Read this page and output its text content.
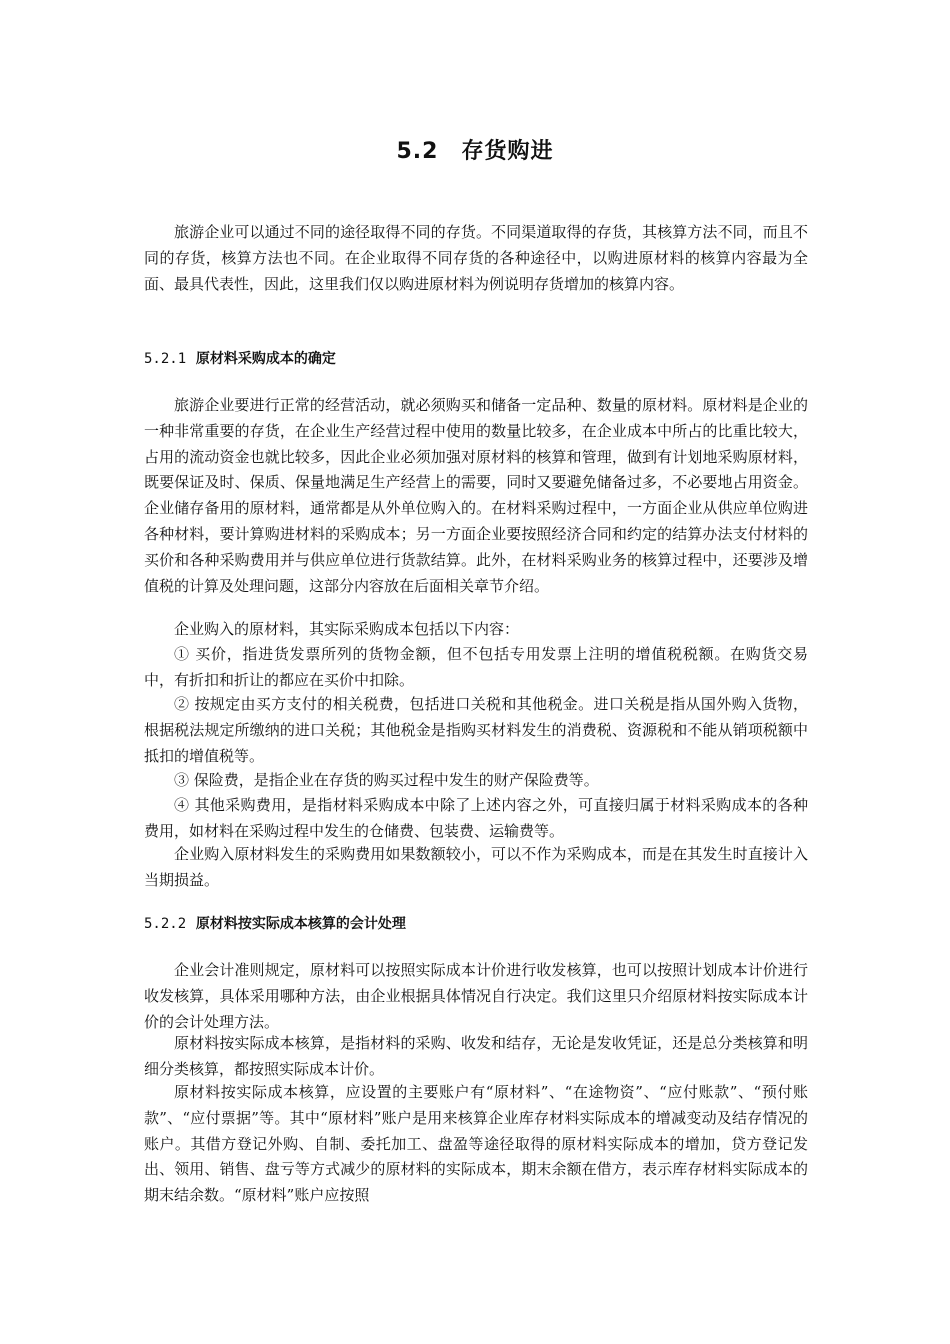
5.2　存货购进

旅游企业可以通过不同的途径取得不同的存货。不同渠道取得的存货，其核算方法不同，而且不同的存货，核算方法也不同。在企业取得不同存货的各种途径中，以购进原材料的核算内容最为全面、最具代表性，因此，这里我们仅以购进原材料为例说明存货增加的核算内容。

5.2.1 原材料采购成本的确定

旅游企业要进行正常的经营活动，就必须购买和储备一定品种、数量的原材料。原材料是企业的一种非常重要的存货，在企业生产经营过程中使用的数量比较多，在企业成本中所占的比重比较大，占用的流动资金也就比较多，因此企业必须加强对原材料的核算和管理，做到有计划地采购原材料，既要保证及时、保质、保量地满足生产经营上的需要，同时又要避免储备过多，不必要地占用资金。企业储存备用的原材料，通常都是从外单位购入的。在材料采购过程中，一方面企业从供应单位购进各种材料，要计算购进材料的采购成本；另一方面企业要按照经济合同和约定的结算办法支付材料的买价和各种采购费用并与供应单位进行货款结算。此外，在材料采购业务的核算过程中，还要涉及增值税的计算及处理问题，这部分内容放在后面相关章节介绍。

企业购入的原材料，其实际采购成本包括以下内容：

① 买价，指进货发票所列的货物金额，但不包括专用发票上注明的增值税税额。在购货交易中，有折扣和折让的都应在买价中扣除。

② 按规定由买方支付的相关税费，包括进口关税和其他税金。进口关税是指从国外购入货物，根据税法规定所缴纳的进口关税；其他税金是指购买材料发生的消费税、资源税和不能从销项税额中抵扣的增值税等。

③ 保险费，是指企业在存货的购买过程中发生的财产保险费等。

④ 其他采购费用，是指材料采购成本中除了上述内容之外，可直接归属于材料采购成本的各种费用，如材料在采购过程中发生的仓储费、包装费、运输费等。

企业购入原材料发生的采购费用如果数额较小，可以不作为采购成本，而是在其发生时直接计入当期损益。

5.2.2 原材料按实际成本核算的会计处理

企业会计准则规定，原材料可以按照实际成本计价进行收发核算，也可以按照计划成本计价进行收发核算，具体采用哪种方法，由企业根据具体情况自行决定。我们这里只介绍原材料按实际成本计价的会计处理方法。

原材料按实际成本核算，是指材料的采购、收发和结存，无论是发收凭证，还是总分类核算和明细分类核算，都按照实际成本计价。

原材料按实际成本核算，应设置的主要账户有“原材料”、“在途物资”、“应付账款”、“预付账款”、“应付票据”等。其中“原材料”账户是用来核算企业库存材料实际成本的增减变动及结存情况的账户。其借方登记外购、自制、委托加工、盘盈等途径取得的原材料实际成本的增加，贷方登记发出、领用、销售、盘亏等方式减少的原材料的实际成本，期末余额在借方，表示库存材料实际成本的期末结余数。“原材料”账户应按照
